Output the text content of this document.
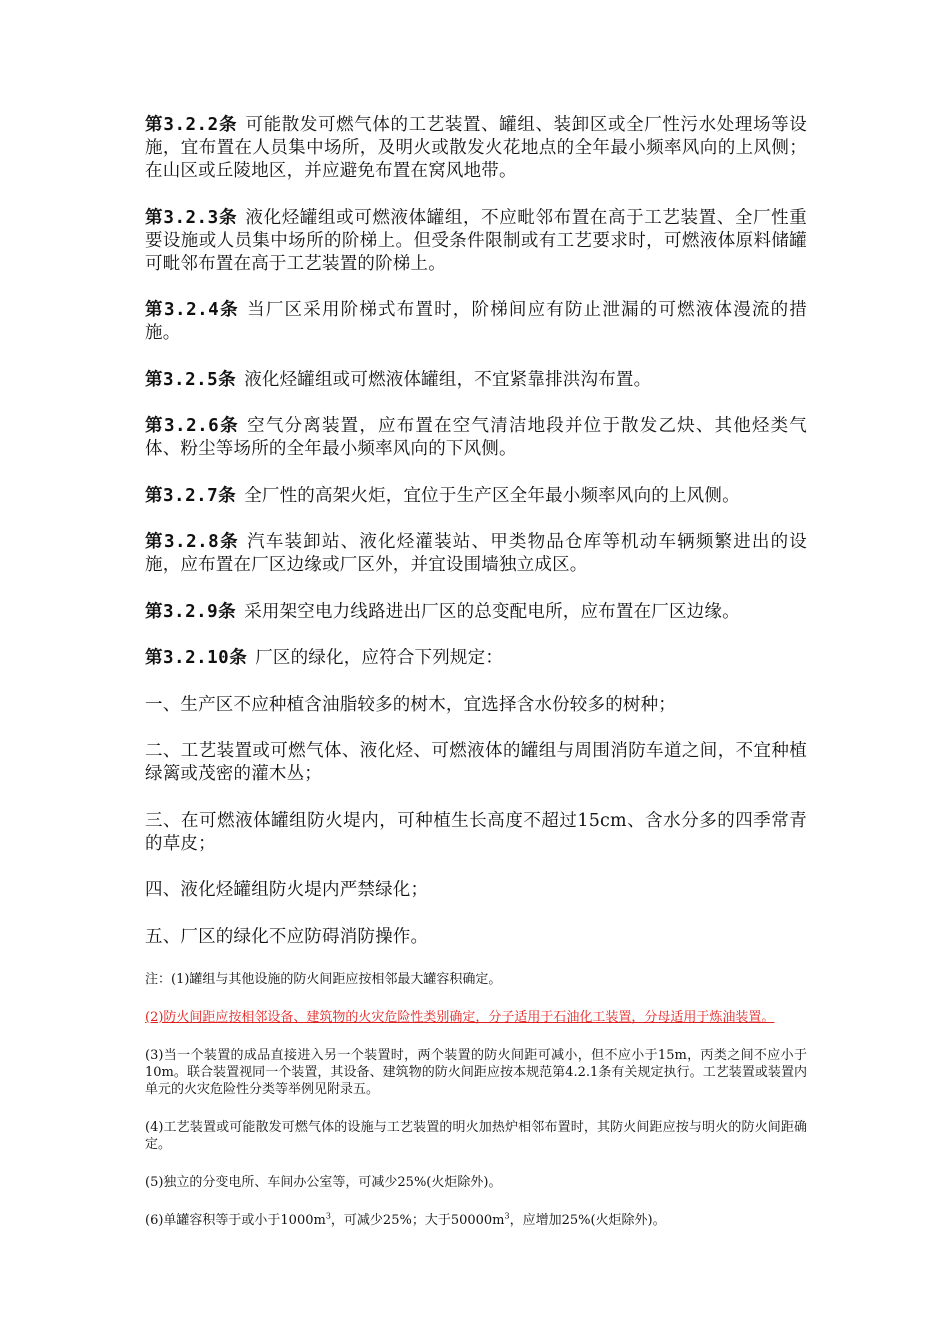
第3.2.2条 可能散发可燃气体的工艺装置、罐组、装卸区或全厂性污水处理场等设施，宜布置在人员集中场所，及明火或散发火花地点的全年最小频率风向的上风侧；在山区或丘陵地区，并应避免布置在窝风地带。

第3.2.3条 液化烃罐组或可燃液体罐组，不应毗邻布置在高于工艺装置、全厂性重要设施或人员集中场所的阶梯上。但受条件限制或有工艺要求时，可燃液体原料储罐可毗邻布置在高于工艺装置的阶梯上。

第3.2.4条 当厂区采用阶梯式布置时，阶梯间应有防止泄漏的可燃液体漫流的措施。

第3.2.5条 液化烃罐组或可燃液体罐组，不宜紧靠排洪沟布置。

第3.2.6条 空气分离装置，应布置在空气清洁地段并位于散发乙炔、其他烃类气体、粉尘等场所的全年最小频率风向的下风侧。

第3.2.7条 全厂性的高架火炬，宜位于生产区全年最小频率风向的上风侧。

第3.2.8条 汽车装卸站、液化烃灌装站、甲类物品仓库等机动车辆频繁进出的设施，应布置在厂区边缘或厂区外，并宜设围墙独立成区。

第3.2.9条 采用架空电力线路进出厂区的总变配电所，应布置在厂区边缘。

第3.2.10条 厂区的绿化，应符合下列规定：

一、生产区不应种植含油脂较多的树木，宜选择含水份较多的树种；

二、工艺装置或可燃气体、液化烃、可燃液体的罐组与周围消防车道之间，不宜种植绿篱或茂密的灌木丛；

三、在可燃液体罐组防火堤内，可种植生长高度不超过15cm、含水分多的四季常青的草皮；

四、液化烃罐组防火堤内严禁绿化；

五、厂区的绿化不应防碍消防操作。

注：(1)罐组与其他设施的防火间距应按相邻最大罐容积确定。

(2)防火间距应按相邻设备、建筑物的火灾危险性类别确定，分子适用于石油化工装置，分母适用于炼油装置。

(3)当一个装置的成品直接进入另一个装置时，两个装置的防火间距可减小，但不应小于15m，丙类之间不应小于10m。联合装置视同一个装置，其设备、建筑物的防火间距应按本规范第4.2.1条有关规定执行。工艺装置或装置内单元的火灾危险性分类等举例见附录五。

(4)工艺装置或可能散发可燃气体的设施与工艺装置的明火加热炉相邻布置时，其防火间距应按与明火的防火间距确定。

(5)独立的分变电所、车间办公室等，可减少25%(火炬除外)。

(6)单罐容积等于或小于$1000m^3$，可减少25%；大于$50000m^3$，应增加25%(火炬除外)。
